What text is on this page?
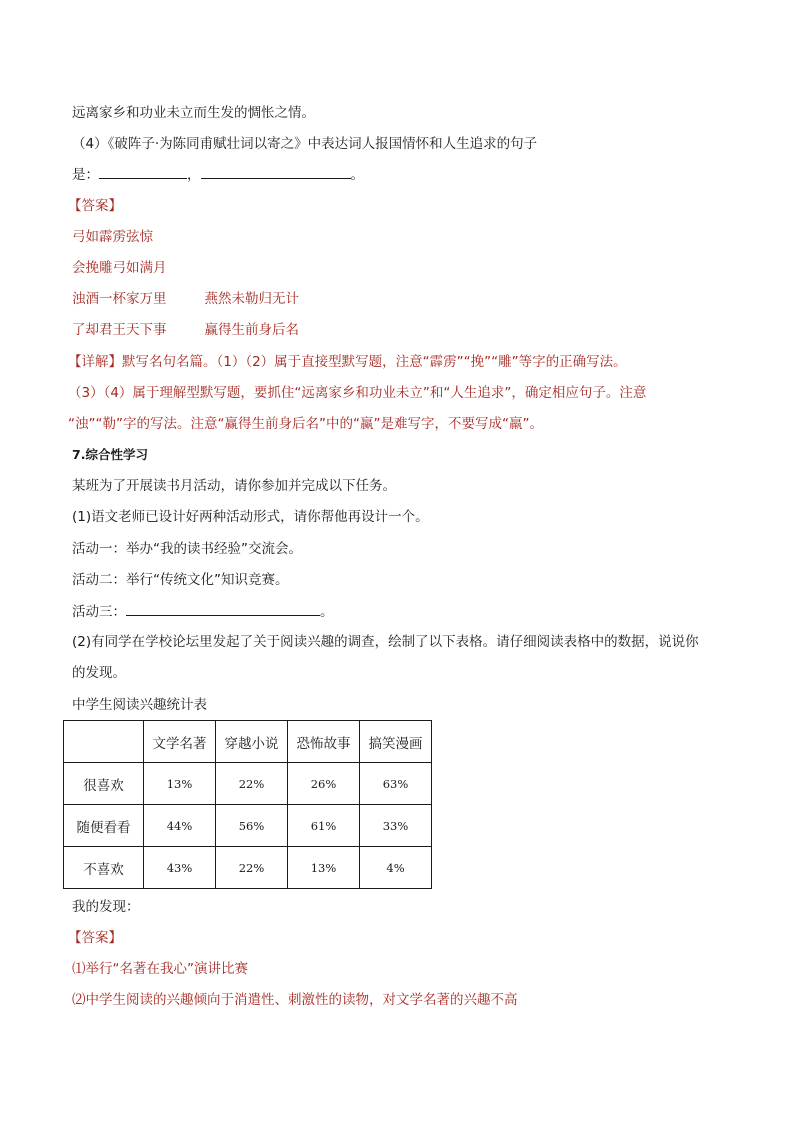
远离家乡和功业未立而生发的惆怅之情。
（4）《破阵子·为陈同甫赋壮词以寄之》中表达词人报国情怀和人生追求的句子
是：	，	。
【答案】
弓如霹雳弦惊
会挽雕弓如满月
浊酒一杯家万里	燕然未勒归无计
了却君王天下事	赢得生前身后名
【详解】默写名句名篇。（1）（2）属于直接型默写题，注意“霹雳”“挽”“雕”等字的正确写法。
（3）（4）属于理解型默写题，要抓住“远离家乡和功业未立”和“人生追求”，确定相应句子。注意
“浊”“勒”字的写法。注意“赢得生前身后名”中的“赢”是难写字，不要写成“羸”。
7.综合性学习
某班为了开展读书月活动，请你参加并完成以下任务。
(1)语文老师已设计好两种活动形式，请你帮他再设计一个。
活动一：举办“我的读书经验”交流会。
活动二：举行“传统文化”知识竞赛。
活动三：	。
(2)有同学在学校论坛里发起了关于阅读兴趣的调查，绘制了以下表格。请仔细阅读表格中的数据，说说你
的发现。
中学生阅读兴趣统计表
	文学名著	穿越小说	恐怖故事	搞笑漫画
很喜欢	13%	22%	26%	63%
随便看看	44%	56%	61%	33%
不喜欢	43%	22%	13%	4%
我的发现：
【答案】
⑴举行“名著在我心”演讲比赛
⑵中学生阅读的兴趣倾向于消遣性、刺激性的读物，对文学名著的兴趣不高
